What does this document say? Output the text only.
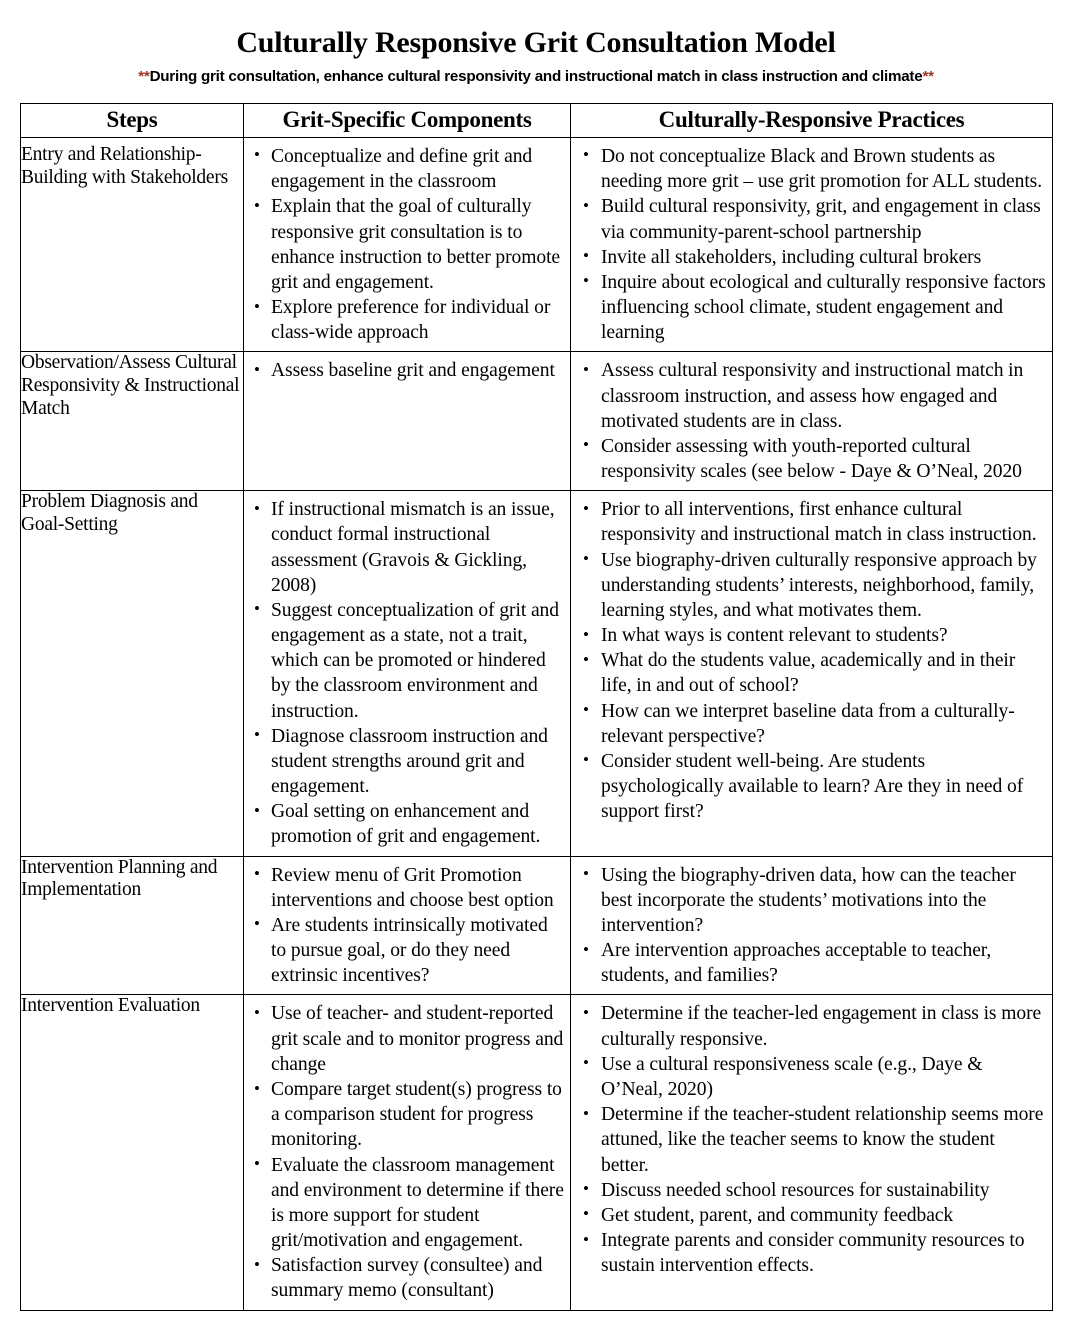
Culturally Responsive Grit Consultation Model
**During grit consultation, enhance cultural responsivity and instructional match in class instruction and climate**
Steps	Grit-Specific Components	Culturally-Responsive Practices
Entry and Relationship-Building with Stakeholders	
• Conceptualize and define grit and engagement in the classroom
• Explain that the goal of culturally responsive grit consultation is to enhance instruction to better promote grit and engagement.
• Explore preference for individual or class-wide approach

• Do not conceptualize Black and Brown students as needing more grit – use grit promotion for ALL students.
• Build cultural responsivity, grit, and engagement in class via community-parent-school partnership
• Invite all stakeholders, including cultural brokers
• Inquire about ecological and culturally responsive factors influencing school climate, student engagement and learning

Observation/Assess Cultural Responsivity & Instructional Match	
• Assess baseline grit and engagement

•Assess cultural responsivity and instructional match in classroom instruction, and assess how engaged and motivated students are in class.
• Consider assessing with youth-reported cultural responsivity scales (see below - Daye & O’Neal, 2020

Problem Diagnosis and Goal-Setting	
• If instructional mismatch is an issue, conduct formal instructional assessment (Gravois & Gickling, 2008)
• Suggest conceptualization of grit and engagement as a state, not a trait, which can be promoted or hindered by the classroom environment and instruction.
• Diagnose classroom instruction and student strengths around grit and engagement.
• Goal setting on enhancement and promotion of grit and engagement.

• Prior to all interventions, first enhance cultural responsivity and instructional match in class instruction.
• Use biography-driven culturally responsive approach by understanding students’ interests, neighborhood, family, learning styles, and what motivates them.
• In what ways is content relevant to students?
• What do the students value, academically and in their life, in and out of school?
• How can we interpret baseline data from a culturally-relevant perspective?
• Consider student well-being. Are students psychologically available to learn? Are they in need of support first?

Intervention Planning and Implementation	
• Review menu of Grit Promotion interventions and choose best option
• Are students intrinsically motivated to pursue goal, or do they need extrinsic incentives?

• Using the biography-driven data, how can the teacher best incorporate the students’ motivations into the intervention?
• Are intervention approaches acceptable to teacher, students, and families?

Intervention Evaluation	
•Use of teacher- and student-reported grit scale and to monitor progress and change
• Compare target student(s) progress to a comparison student for progress monitoring.
• Evaluate the classroom management and environment to determine if there is more support for student grit/motivation and engagement.
• Satisfaction survey (consultee) and summary memo (consultant)

• Determine if the teacher-led engagement in class is more culturally responsive.
• Use a cultural responsiveness scale (e.g., Daye & O’Neal, 2020)
• Determine if the teacher-student relationship seems more attuned, like the teacher seems to know the student better.
• Discuss needed school resources for sustainability
• Get student, parent, and community feedback
• Integrate parents and consider community resources to sustain intervention effects.
